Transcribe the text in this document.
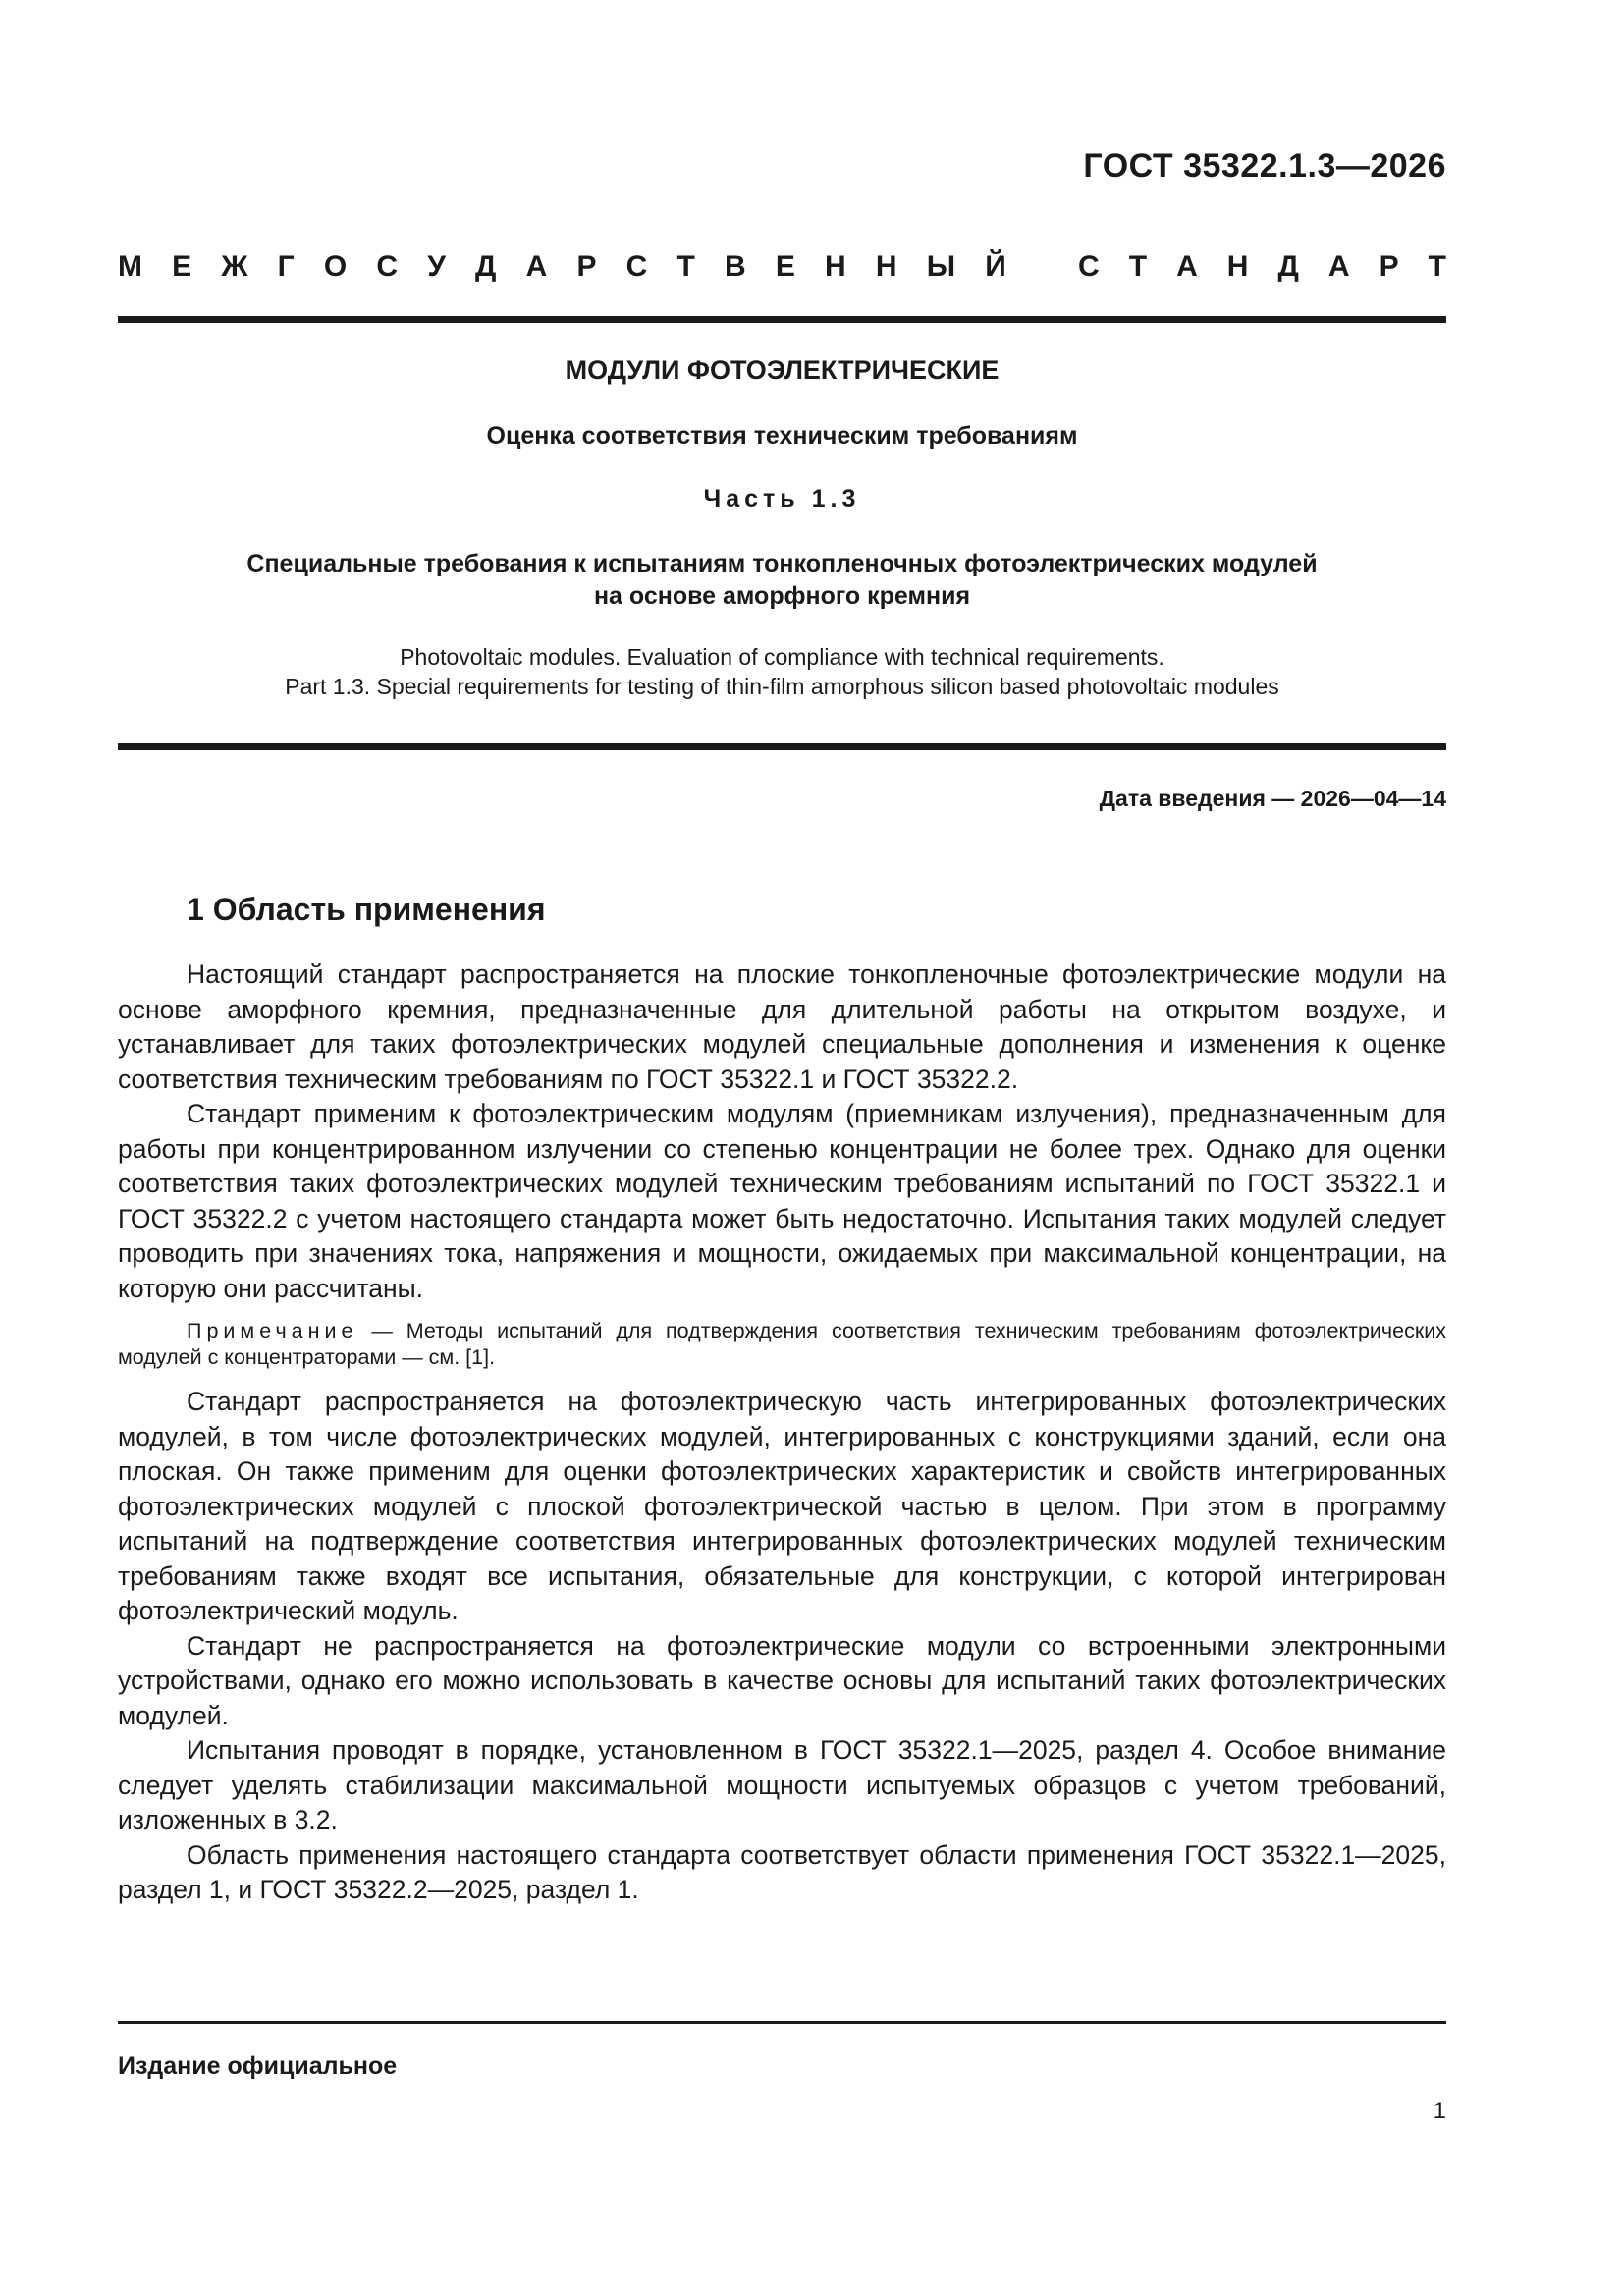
ГОСТ 35322.1.3—2026
М Е Ж Г О С У Д А Р С Т В Е Н Н Ы Й С Т А Н Д А Р Т
МОДУЛИ ФОТОЭЛЕКТРИЧЕСКИЕ
Оценка соответствия техническим требованиям
Часть 1.3
Специальные требования к испытаниям тонкопленочных фотоэлектрических модулей
на основе аморфного кремния
Photovoltaic modules. Evaluation of compliance with technical requirements.
Part 1.3. Special requirements for testing of thin-film amorphous silicon based photovoltaic modules
Дата введения — 2026—04—14
1 Область применения

Настоящий стандарт распространяется на плоские тонкопленочные фотоэлектрические модули на основе аморфного кремния, предназначенные для длительной работы на открытом воздухе, и устанавливает для таких фотоэлектрических модулей специальные дополнения и изменения к оценке соответствия техническим требованиям по ГОСТ 35322.1 и ГОСТ 35322.2.

Стандарт применим к фотоэлектрическим модулям (приемникам излучения), предназначенным для работы при концентрированном излучении со степенью концентрации не более трех. Однако для оценки соответствия таких фотоэлектрических модулей техническим требованиям испытаний по ГОСТ 35322.1 и ГОСТ 35322.2 с учетом настоящего стандарта может быть недостаточно. Испытания таких модулей следует проводить при значениях тока, напряжения и мощности, ожидаемых при максимальной концентрации, на которую они рассчитаны.

Примечание — Методы испытаний для подтверждения соответствия техническим требованиям фотоэлектрических модулей с концентраторами — см. [1].

Стандарт распространяется на фотоэлектрическую часть интегрированных фотоэлектрических модулей, в том числе фотоэлектрических модулей, интегрированных с конструкциями зданий, если она плоская. Он также применим для оценки фотоэлектрических характеристик и свойств интегрированных фотоэлектрических модулей с плоской фотоэлектрической частью в целом. При этом в программу испытаний на подтверждение соответствия интегрированных фотоэлектрических модулей техническим требованиям также входят все испытания, обязательные для конструкции, с которой интегрирован фотоэлектрический модуль.

Стандарт не распространяется на фотоэлектрические модули со встроенными электронными устройствами, однако его можно использовать в качестве основы для испытаний таких фотоэлектрических модулей.

Испытания проводят в порядке, установленном в ГОСТ 35322.1—2025, раздел 4. Особое внимание следует уделять стабилизации максимальной мощности испытуемых образцов с учетом требований, изложенных в 3.2.

Область применения настоящего стандарта соответствует области применения ГОСТ 35322.1—2025, раздел 1, и ГОСТ 35322.2—2025, раздел 1.

Издание официальное
1
